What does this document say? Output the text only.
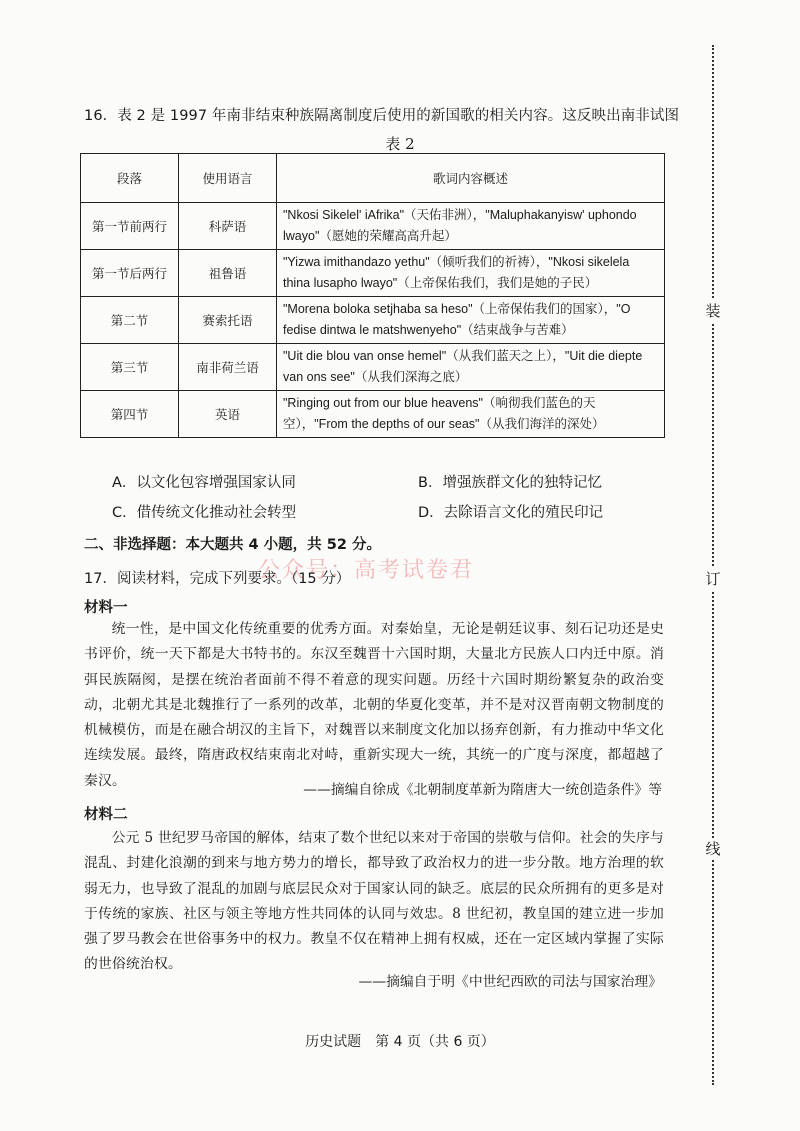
16．表 2 是 1997 年南非结束种族隔离制度后使用的新国歌的相关内容。这反映出南非试图
表 2
段落	使用语言	歌词内容概述
第一节前两行	科萨语	"Nkosi Sikelel' iAfrika"（天佑非洲），"Maluphakanyisw' uphondo lwayo"（愿她的荣耀高高升起）
第一节后两行	祖鲁语	"Yizwa imithandazo yethu"（倾听我们的祈祷），"Nkosi sikelela thina lusapho lwayo"（上帝保佑我们，我们是她的子民）
第二节	赛索托语	"Morena boloka setjhaba sa heso"（上帝保佑我们的国家），"O fedise dintwa le matshwenyeho"（结束战争与苦难）
第三节	南非荷兰语	"Uit die blou van onse hemel"（从我们蓝天之上），"Uit die diepte van ons see"（从我们深海之底）
第四节	英语	"Ringing out from our blue heavens"（响彻我们蓝色的天空），"From the depths of our seas"（从我们海洋的深处）
A．以文化包容增强国家认同	B．增强族群文化的独特记忆
C．借传统文化推动社会转型	D．去除语言文化的殖民印记
二、非选择题：本大题共 4 小题，共 52 分。
公众号：高考试卷君
17．阅读材料，完成下列要求。（15 分）
材料一
统一性，是中国文化传统重要的优秀方面。对秦始皇，无论是朝廷议事、刻石记功还是史书评价，统一天下都是大书特书的。东汉至魏晋十六国时期，大量北方民族人口内迁中原。消弭民族隔阂，是摆在统治者面前不得不着意的现实问题。历经十六国时期纷繁复杂的政治变动，北朝尤其是北魏推行了一系列的改革，北朝的华夏化变革，并不是对汉晋南朝文物制度的机械模仿，而是在融合胡汉的主旨下，对魏晋以来制度文化加以扬弃创新，有力推动中华文化连续发展。最终，隋唐政权结束南北对峙，重新实现大一统，其统一的广度与深度，都超越了秦汉。
——摘编自徐成《北朝制度革新为隋唐大一统创造条件》等
材料二
公元 5 世纪罗马帝国的解体，结束了数个世纪以来对于帝国的崇敬与信仰。社会的失序与混乱、封建化浪潮的到来与地方势力的增长，都导致了政治权力的进一步分散。地方治理的软弱无力，也导致了混乱的加剧与底层民众对于国家认同的缺乏。底层的民众所拥有的更多是对于传统的家族、社区与领主等地方性共同体的认同与效忠。8 世纪初，教皇国的建立进一步加强了罗马教会在世俗事务中的权力。教皇不仅在精神上拥有权威，还在一定区域内掌握了实际的世俗统治权。
——摘编自于明《中世纪西欧的司法与国家治理》
历史试题　第 4 页（共 6 页）
装
订
线
